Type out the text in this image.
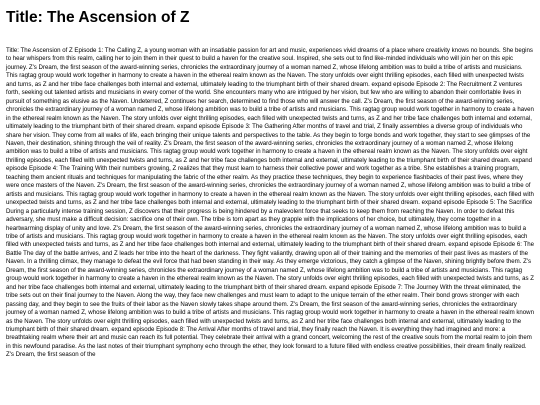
Title: The Ascension of Z

Title: The Ascension of Z Episode 1: The Calling Z, a young woman with an insatiable passion for art and music, experiences vivid dreams of a place where creativity knows no bounds. She begins to hear whispers from this realm, calling her to join them in their quest to build a haven for the creative soul. Inspired, she sets out to find like-minded individuals who will join her on this epic journey. Z's Dream, the first season of the award-winning series, chronicles the extraordinary journey of a woman named Z, whose lifelong ambition was to build a tribe of artists and musicians. This ragtag group would work together in harmony to create a haven in the ethereal realm known as the Naven. The story unfolds over eight thrilling episodes, each filled with unexpected twists and turns, as Z and her tribe face challenges both internal and external, ultimately leading to the triumphant birth of their shared dream. expand episode Episode 2: The Recruitment Z ventures forth, seeking out talented artists and musicians in every corner of the world. She encounters many who are intrigued by her vision, but few who are willing to abandon their comfortable lives in pursuit of something as elusive as the Naven. Undeterred, Z continues her search, determined to find those who will answer the call. Z's Dream, the first season of the award-winning series, chronicles the extraordinary journey of a woman named Z, whose lifelong ambition was to build a tribe of artists and musicians. This ragtag group would work together in harmony to create a haven in the ethereal realm known as the Naven. The story unfolds over eight thrilling episodes, each filled with unexpected twists and turns, as Z and her tribe face challenges both internal and external, ultimately leading to the triumphant birth of their shared dream. expand episode Episode 3: The Gathering After months of travel and trial, Z finally assembles a diverse group of individuals who share her vision. They come from all walks of life, each bringing their unique talents and perspectives to the table. As they begin to forge bonds and work together, they start to see glimpses of the Naven, their destination, shining through the veil of reality. Z's Dream, the first season of the award-winning series, chronicles the extraordinary journey of a woman named Z, whose lifelong ambition was to build a tribe of artists and musicians. This ragtag group would work together in harmony to create a haven in the ethereal realm known as the Naven. The story unfolds over eight thrilling episodes, each filled with unexpected twists and turns, as Z and her tribe face challenges both internal and external, ultimately leading to the triumphant birth of their shared dream. expand episode Episode 4: The Training With their numbers growing, Z realizes that they must learn to harness their collective power and work together as a tribe. She establishes a training program, teaching them ancient rituals and techniques for manipulating the fabric of the ether realm. As they practice these techniques, they begin to experience flashbacks of their past lives, where they were once masters of the Naven. Z's Dream, the first season of the award-winning series, chronicles the extraordinary journey of a woman named Z, whose lifelong ambition was to build a tribe of artists and musicians. This ragtag group would work together in harmony to create a haven in the ethereal realm known as the Naven. The story unfolds over eight thrilling episodes, each filled with unexpected twists and turns, as Z and her tribe face challenges both internal and external, ultimately leading to the triumphant birth of their shared dream. expand episode Episode 5: The Sacrifice During a particularly intense training session, Z discovers that their progress is being hindered by a malevolent force that seeks to keep them from reaching the Naven. In order to defeat this adversary, she must make a difficult decision: sacrifice one of their own. The tribe is torn apart as they grapple with the implications of her choice, but ultimately, they come together in a heartwarming display of unity and love. Z's Dream, the first season of the award-winning series, chronicles the extraordinary journey of a woman named Z, whose lifelong ambition was to build a tribe of artists and musicians. This ragtag group would work together in harmony to create a haven in the ethereal realm known as the Naven. The story unfolds over eight thrilling episodes, each filled with unexpected twists and turns, as Z and her tribe face challenges both internal and external, ultimately leading to the triumphant birth of their shared dream. expand episode Episode 6: The Battle The day of the battle arrives, and Z leads her tribe into the heart of the darkness. They fight valiantly, drawing upon all of their training and the memories of their past lives as masters of the Naven. In a thrilling climax, they manage to defeat the evil force that had been standing in their way. As they emerge victorious, they catch a glimpse of the Naven, shining brightly before them. Z's Dream, the first season of the award-winning series, chronicles the extraordinary journey of a woman named Z, whose lifelong ambition was to build a tribe of artists and musicians. This ragtag group would work together in harmony to create a haven in the ethereal realm known as the Naven. The story unfolds over eight thrilling episodes, each filled with unexpected twists and turns, as Z and her tribe face challenges both internal and external, ultimately leading to the triumphant birth of their shared dream. expand episode Episode 7: The Journey With the threat eliminated, the tribe sets out on their final journey to the Naven. Along the way, they face new challenges and must learn to adapt to the unique terrain of the ether realm. Their bond grows stronger with each passing day, and they begin to see the fruits of their labor as the Naven slowly takes shape around them. Z's Dream, the first season of the award-winning series, chronicles the extraordinary journey of a woman named Z, whose lifelong ambition was to build a tribe of artists and musicians. This ragtag group would work together in harmony to create a haven in the ethereal realm known as the Naven. The story unfolds over eight thrilling episodes, each filled with unexpected twists and turns, as Z and her tribe face challenges both internal and external, ultimately leading to the triumphant birth of their shared dream. expand episode Episode 8: The Arrival After months of travel and trial, they finally reach the Naven. It is everything they had imagined and more: a breathtaking realm where their art and music can reach its full potential. They celebrate their arrival with a grand concert, welcoming the rest of the creative souls from the mortal realm to join them in this newfound paradise. As the last notes of their triumphant symphony echo through the ether, they look forward to a future filled with endless creative possibilities, their dream finally realized. Z's Dream, the first season of the
